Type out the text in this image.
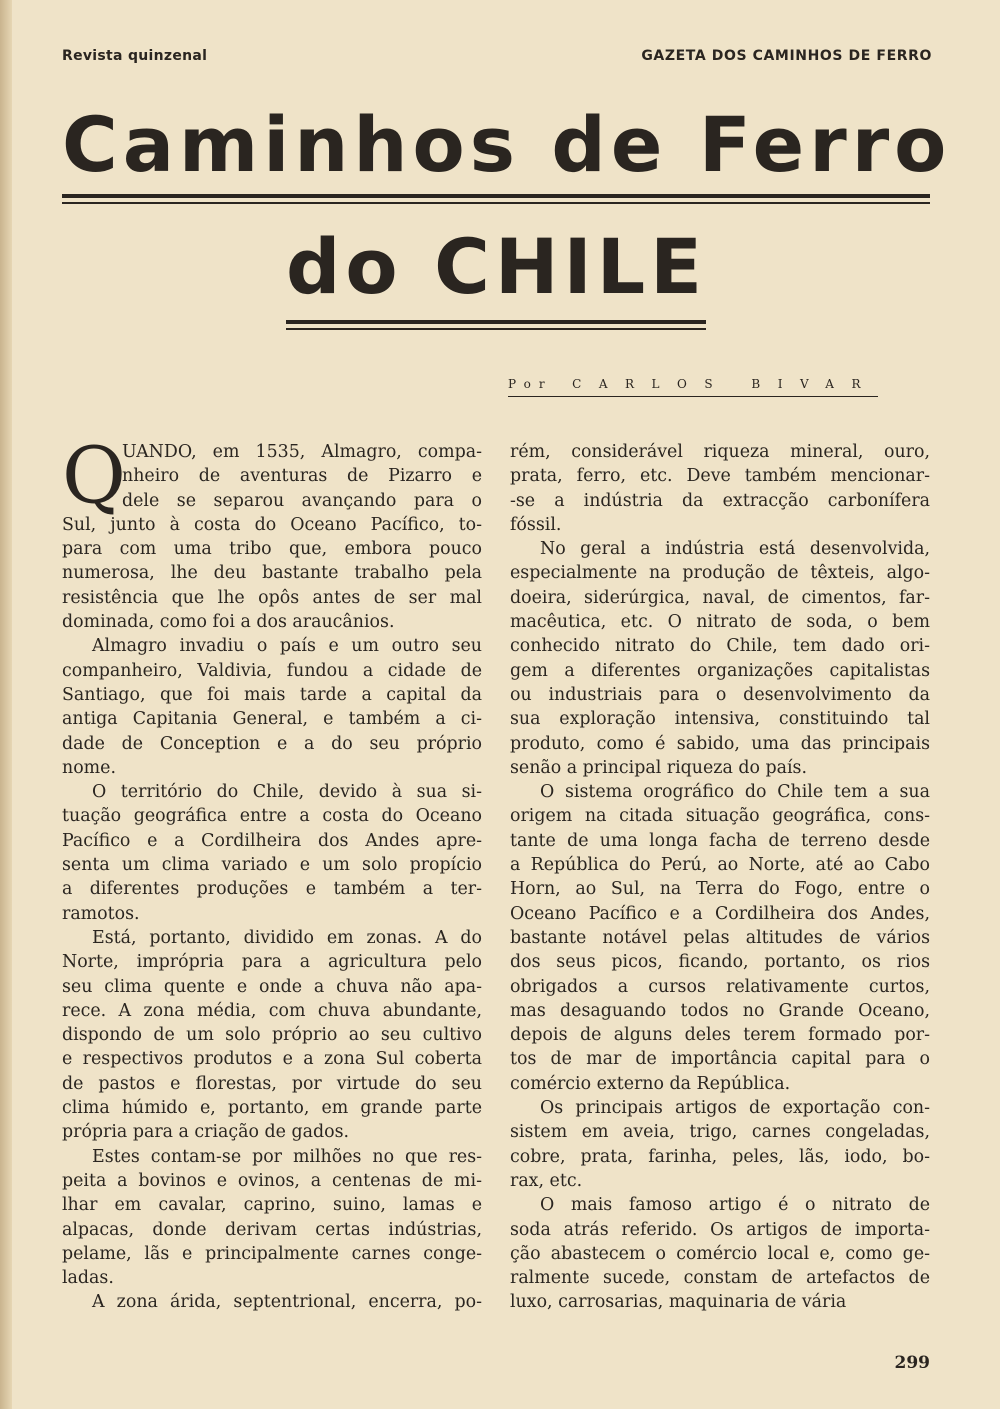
Revista quinzenal	GAZETA DOS CAMINHOS DE FERRO
Caminhos de Ferro
do CHILE
Por CARLOS BIVAR
Q
UANDO, em 1535, Almagro, compa-
nheiro de aventuras de Pizarro e
dele se separou avançando para o
Sul, junto à costa do Oceano Pacífico, to-
para com uma tribo que, embora pouco
numerosa, lhe deu bastante trabalho pela
resistência que lhe opôs antes de ser mal
dominada, como foi a dos araucânios.
Almagro invadiu o país e um outro seu
companheiro, Valdivia, fundou a cidade de
Santiago, que foi mais tarde a capital da
antiga Capitania General, e também a ci-
dade de Conception e a do seu próprio
nome.
O território do Chile, devido à sua si-
tuação geográfica entre a costa do Oceano
Pacífico e a Cordilheira dos Andes apre-
senta um clima variado e um solo propício
a diferentes produções e também a ter-
ramotos.
Está, portanto, dividido em zonas. A do
Norte, imprópria para a agricultura pelo
seu clima quente e onde a chuva não apa-
rece. A zona média, com chuva abundante,
dispondo de um solo próprio ao seu cultivo
e respectivos produtos e a zona Sul coberta
de pastos e florestas, por virtude do seu
clima húmido e, portanto, em grande parte
própria para a criação de gados.
Estes contam-se por milhões no que res-
peita a bovinos e ovinos, a centenas de mi-
lhar em cavalar, caprino, suino, lamas e
alpacas, donde derivam certas indústrias,
pelame, lãs e principalmente carnes conge-
ladas.
A zona árida, septentrional, encerra, po-
rém, considerável riqueza mineral, ouro,
prata, ferro, etc. Deve também mencionar-
-se a indústria da extracção carbonífera
fóssil.
No geral a indústria está desenvolvida,
especialmente na produção de têxteis, algo-
doeira, siderúrgica, naval, de cimentos, far-
macêutica, etc. O nitrato de soda, o bem
conhecido nitrato do Chile, tem dado ori-
gem a diferentes organizações capitalistas
ou industriais para o desenvolvimento da
sua exploração intensiva, constituindo tal
produto, como é sabido, uma das principais
senão a principal riqueza do país.
O sistema orográfico do Chile tem a sua
origem na citada situação geográfica, cons-
tante de uma longa facha de terreno desde
a República do Perú, ao Norte, até ao Cabo
Horn, ao Sul, na Terra do Fogo, entre o
Oceano Pacífico e a Cordilheira dos Andes,
bastante notável pelas altitudes de vários
dos seus picos, ficando, portanto, os rios
obrigados a cursos relativamente curtos,
mas desaguando todos no Grande Oceano,
depois de alguns deles terem formado por-
tos de mar de importância capital para o
comércio externo da República.
Os principais artigos de exportação con-
sistem em aveia, trigo, carnes congeladas,
cobre, prata, farinha, peles, lãs, iodo, bo-
rax, etc.
O mais famoso artigo é o nitrato de
soda atrás referido. Os artigos de importa-
ção abastecem o comércio local e, como ge-
ralmente sucede, constam de artefactos de
luxo, carrosarias, maquinaria de vária
299
